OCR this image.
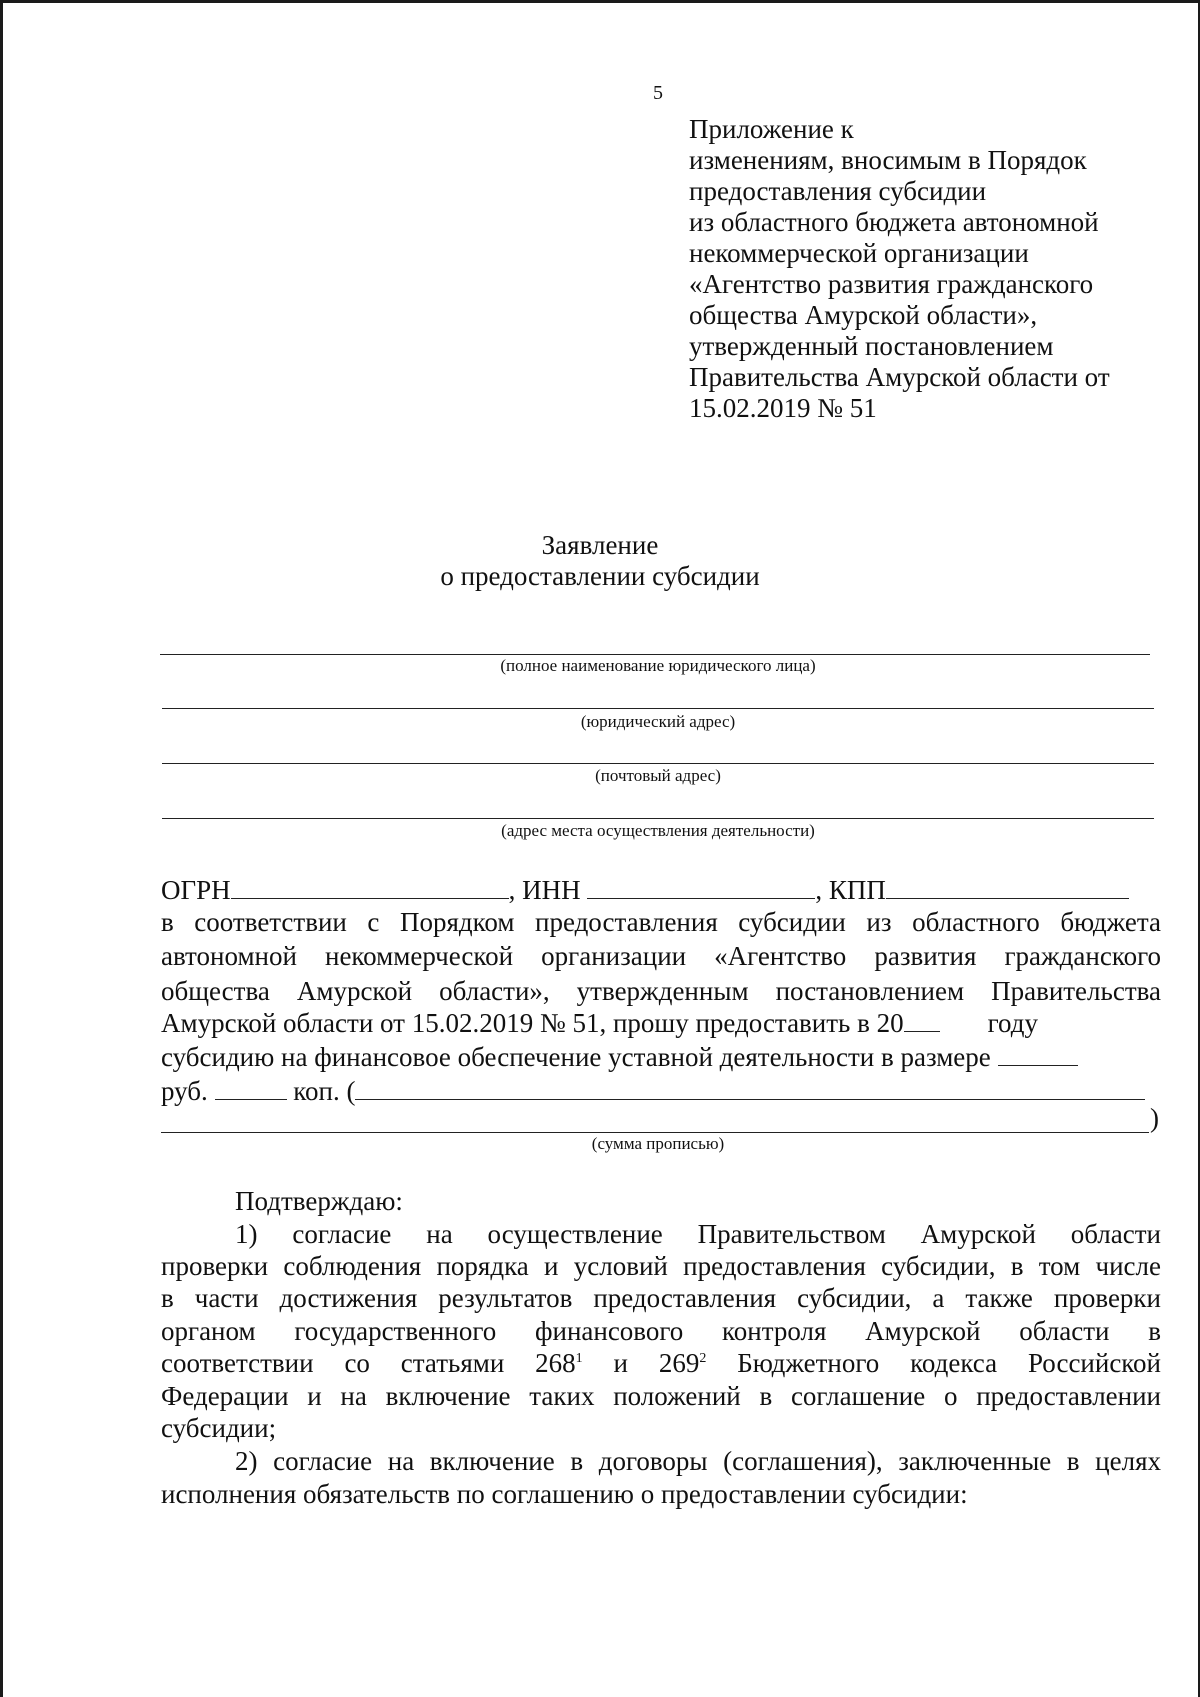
5
Приложение к
изменениям, вносимым в Порядок
предоставления субсидии
из областного бюджета автономной
некоммерческой организации
«Агентство развития гражданского
общества Амурской области»,
утвержденный постановлением
Правительства Амурской области от
15.02.2019 № 51
Заявление
о предоставлении субсидии
(полное наименование юридического лица)
(юридический адрес)
(почтовый адрес)
(адрес места осуществления деятельности)
ОГРН	, ИНН	, КПП
в соответствии с Порядком предоставления субсидии из областного бюджета
автономной некоммерческой организации «Агентство развития гражданского
общества Амурской области», утвержденным постановлением Правительства
Амурской области от 15.02.2019 № 51, прошу предоставить в 20	году
субсидию на финансовое обеспечение уставной деятельности в размере
руб.	коп. (
)
(сумма прописью)
Подтверждаю:
1) согласие на осуществление Правительством Амурской области
проверки соблюдения порядка и условий предоставления субсидии, в том числе
в части достижения результатов предоставления субсидии, а также проверки
органом государственного финансового контроля Амурской области в
соответствии со статьями $268^1$ и $269^2$ Бюджетного кодекса Российской
Федерации и на включение таких положений в соглашение о предоставлении
субсидии;
2) согласие на включение в договоры (соглашения), заключенные в целях
исполнения обязательств по соглашению о предоставлении субсидии:
